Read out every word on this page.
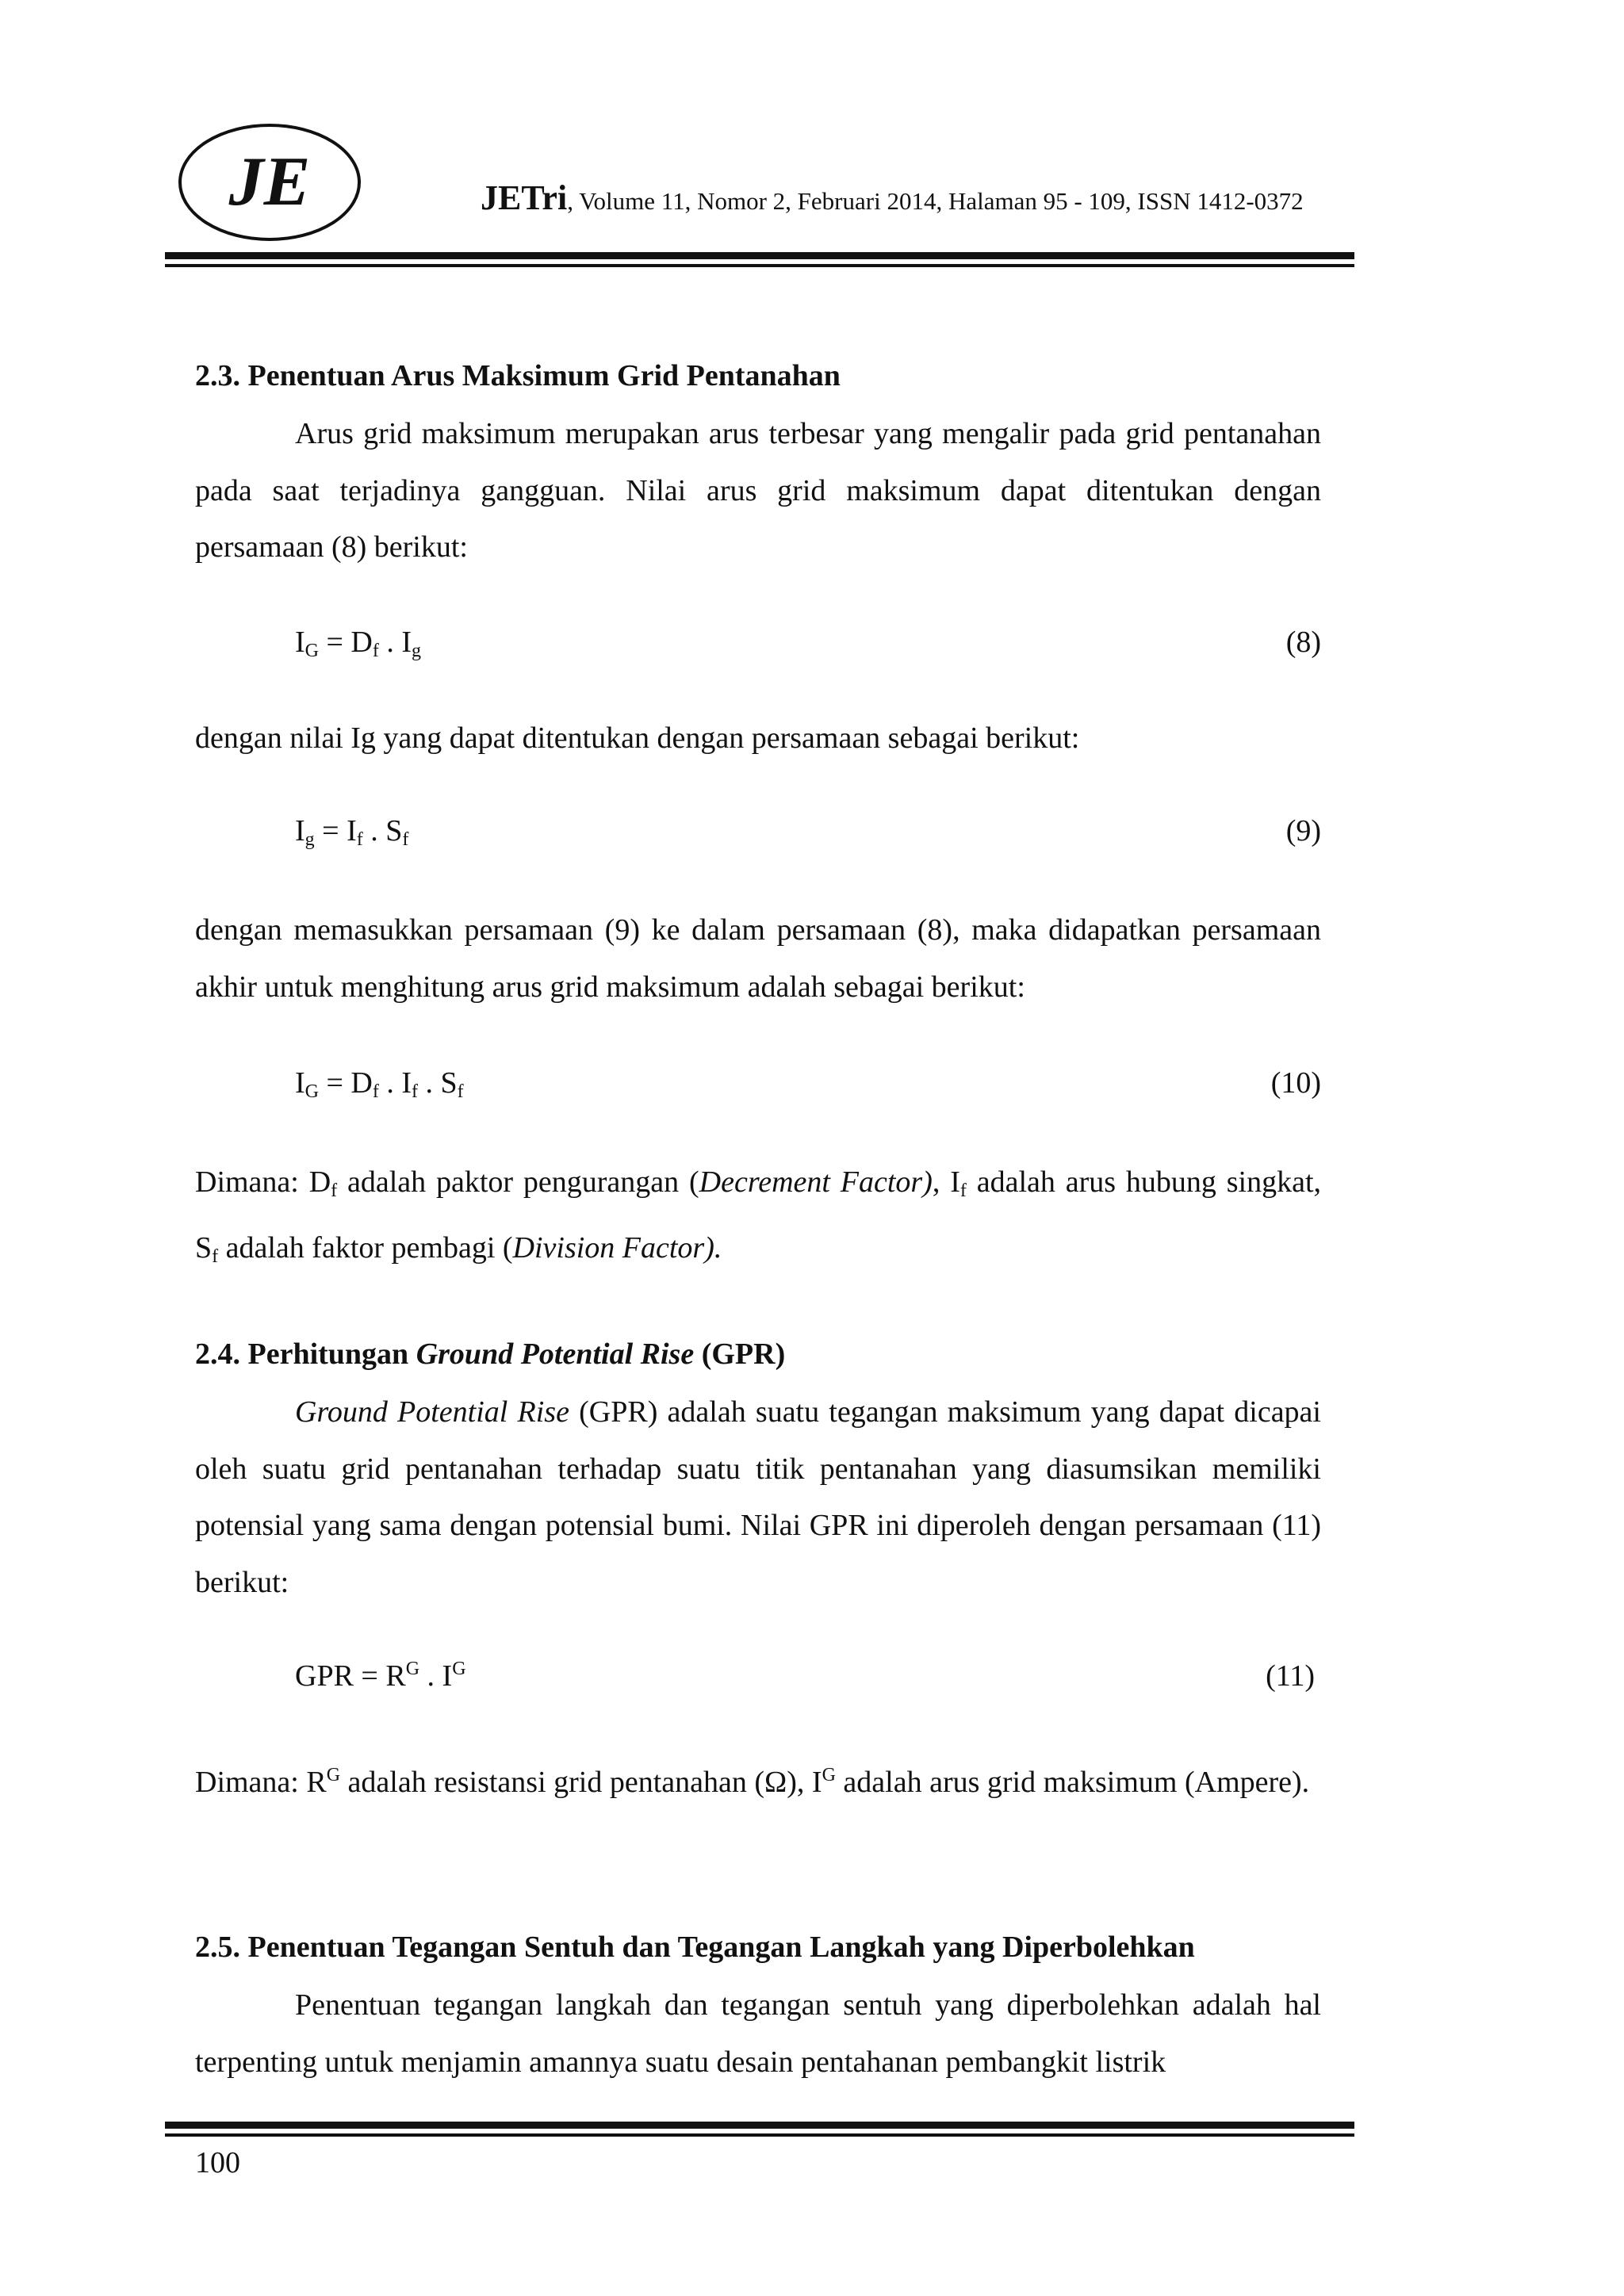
JE	JETri, Volume 11, Nomor 2, Februari 2014, Halaman 95 - 109, ISSN 1412-0372
2.3. Penentuan Arus Maksimum Grid Pentanahan
Arus grid maksimum merupakan arus terbesar yang mengalir pada grid pentanahan pada saat terjadinya gangguan. Nilai arus grid maksimum dapat ditentukan dengan persamaan (8) berikut:
$I_G = D_f$ . $I_g$	(8)
dengan nilai Ig yang dapat ditentukan dengan persamaan sebagai berikut:
$I_g = I_f$ . $S_f$	(9)
dengan memasukkan persamaan (9) ke dalam persamaan (8), maka didapatkan persamaan akhir untuk menghitung arus grid maksimum adalah sebagai berikut:
$I_G = D_f$ . $I_f$ . $S_f$	(10)
Dimana: $D_f$ adalah paktor pengurangan (Decrement Factor), $I_f$ adalah arus hubung singkat, $S_f$ adalah faktor pembagi (Division Factor).
2.4. Perhitungan Ground Potential Rise (GPR)
Ground Potential Rise (GPR) adalah suatu tegangan maksimum yang dapat dicapai oleh suatu grid pentanahan terhadap suatu titik pentanahan yang diasumsikan memiliki potensial yang sama dengan potensial bumi. Nilai GPR ini diperoleh dengan persamaan (11) berikut:
GPR = $R^G$ . $I^G$	(11)
Dimana: $R^G$ adalah resistansi grid pentanahan (Ω), $I^G$ adalah arus grid maksimum (Ampere).
2.5. Penentuan Tegangan Sentuh dan Tegangan Langkah yang Diperbolehkan
Penentuan tegangan langkah dan tegangan sentuh yang diperbolehkan adalah hal terpenting untuk menjamin amannya suatu desain pentahanan pembangkit listrik
100
